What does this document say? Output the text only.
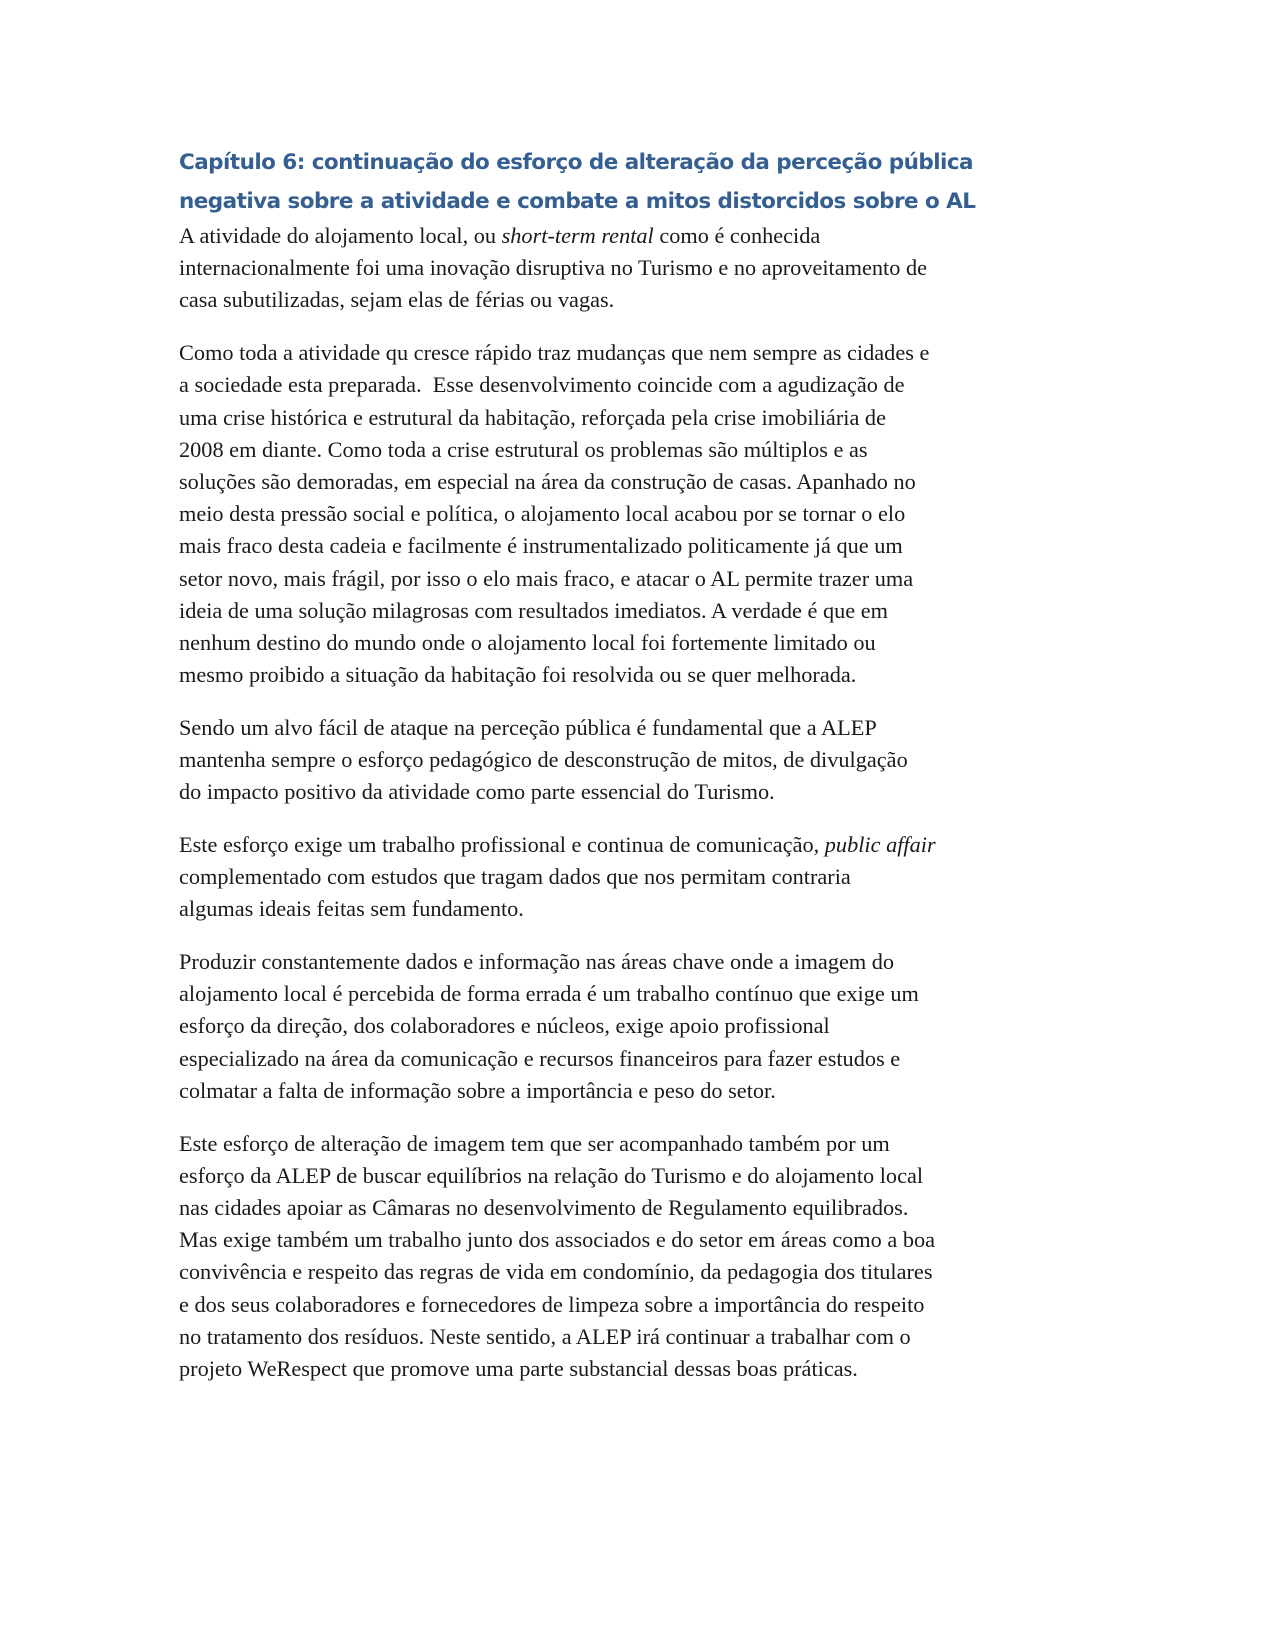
Capítulo 6: continuação do esforço de alteração da perceção pública
negativa sobre a atividade e combate a mitos distorcidos sobre o AL

A atividade do alojamento local, ou short-term rental como é conhecida
internacionalmente foi uma inovação disruptiva no Turismo e no aproveitamento de
casa subutilizadas, sejam elas de férias ou vagas.

Como toda a atividade qu cresce rápido traz mudanças que nem sempre as cidades e
a sociedade esta preparada.  Esse desenvolvimento coincide com a agudização de
uma crise histórica e estrutural da habitação, reforçada pela crise imobiliária de
2008 em diante. Como toda a crise estrutural os problemas são múltiplos e as
soluções são demoradas, em especial na área da construção de casas. Apanhado no
meio desta pressão social e política, o alojamento local acabou por se tornar o elo
mais fraco desta cadeia e facilmente é instrumentalizado politicamente já que um
setor novo, mais frágil, por isso o elo mais fraco, e atacar o AL permite trazer uma
ideia de uma solução milagrosas com resultados imediatos. A verdade é que em
nenhum destino do mundo onde o alojamento local foi fortemente limitado ou
mesmo proibido a situação da habitação foi resolvida ou se quer melhorada.

Sendo um alvo fácil de ataque na perceção pública é fundamental que a ALEP
mantenha sempre o esforço pedagógico de desconstrução de mitos, de divulgação
do impacto positivo da atividade como parte essencial do Turismo.

Este esforço exige um trabalho profissional e continua de comunicação, public affair
complementado com estudos que tragam dados que nos permitam contraria
algumas ideais feitas sem fundamento.

Produzir constantemente dados e informação nas áreas chave onde a imagem do
alojamento local é percebida de forma errada é um trabalho contínuo que exige um
esforço da direção, dos colaboradores e núcleos, exige apoio profissional
especializado na área da comunicação e recursos financeiros para fazer estudos e
colmatar a falta de informação sobre a importância e peso do setor.

Este esforço de alteração de imagem tem que ser acompanhado também por um
esforço da ALEP de buscar equilíbrios na relação do Turismo e do alojamento local
nas cidades apoiar as Câmaras no desenvolvimento de Regulamento equilibrados.
Mas exige também um trabalho junto dos associados e do setor em áreas como a boa
convivência e respeito das regras de vida em condomínio, da pedagogia dos titulares
e dos seus colaboradores e fornecedores de limpeza sobre a importância do respeito
no tratamento dos resíduos. Neste sentido, a ALEP irá continuar a trabalhar com o
projeto WeRespect que promove uma parte substancial dessas boas práticas.
